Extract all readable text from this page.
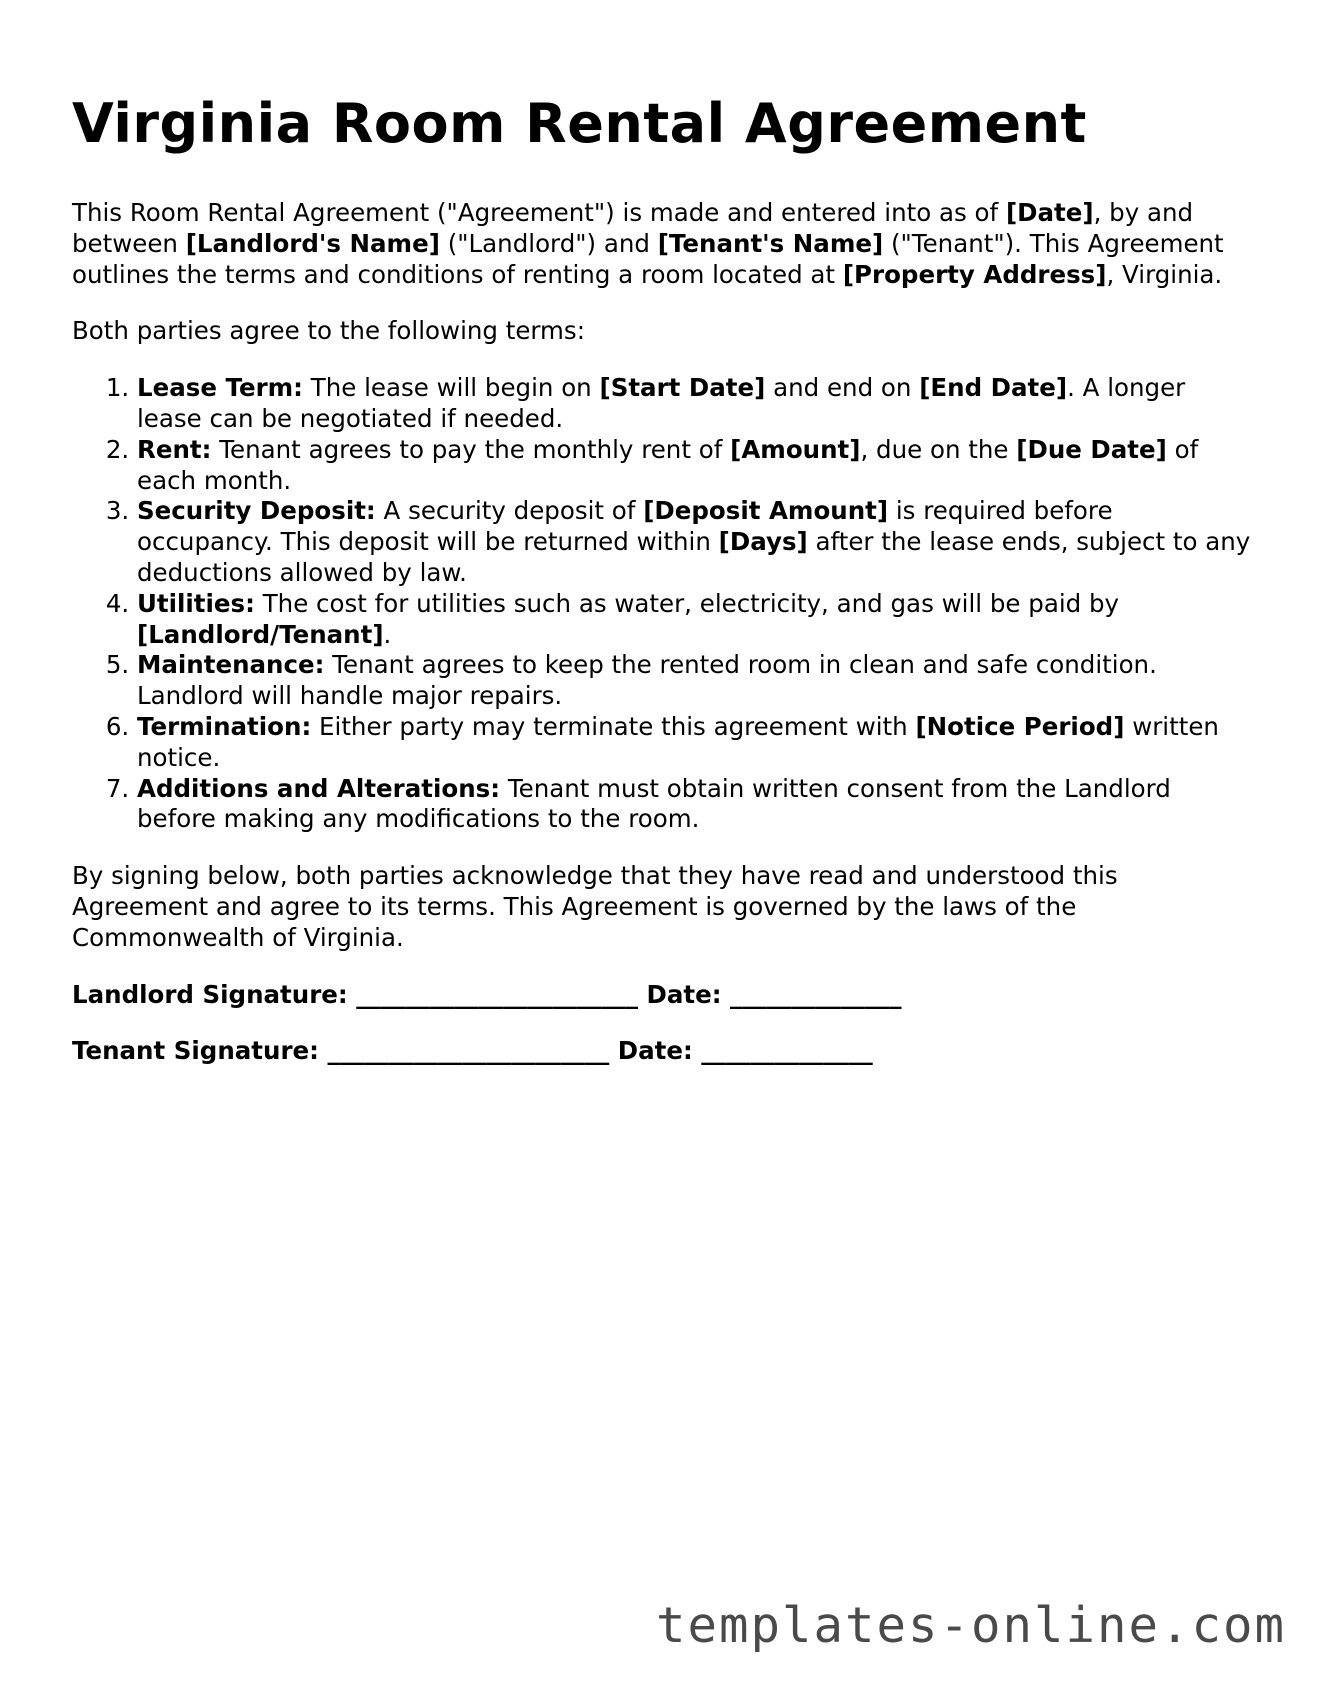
Virginia Room Rental Agreement

This Room Rental Agreement ("Agreement") is made and entered into as of [Date], by and between [Landlord's Name] ("Landlord") and [Tenant's Name] ("Tenant"). This Agreement outlines the terms and conditions of renting a room located at [Property Address], Virginia.

Both parties agree to the following terms:

1. Lease Term: The lease will begin on [Start Date] and end on [End Date]. A longer lease can be negotiated if needed.
2. Rent: Tenant agrees to pay the monthly rent of [Amount], due on the [Due Date] of each month.
3. Security Deposit: A security deposit of [Deposit Amount] is required before occupancy. This deposit will be returned within [Days] after the lease ends, subject to any deductions allowed by law.
4. Utilities: The cost for utilities such as water, electricity, and gas will be paid by [Landlord/Tenant].
5. Maintenance: Tenant agrees to keep the rented room in clean and safe condition. Landlord will handle major repairs.
6. Termination: Either party may terminate this agreement with [Notice Period] written notice.
7. Additions and Alterations: Tenant must obtain written consent from the Landlord before making any modifications to the room.

By signing below, both parties acknowledge that they have read and understood this Agreement and agree to its terms. This Agreement is governed by the laws of the Commonwealth of Virginia.

Landlord Signature: _______________________ Date: ______________
Tenant Signature: _______________________ Date: ______________
templates-online.com
